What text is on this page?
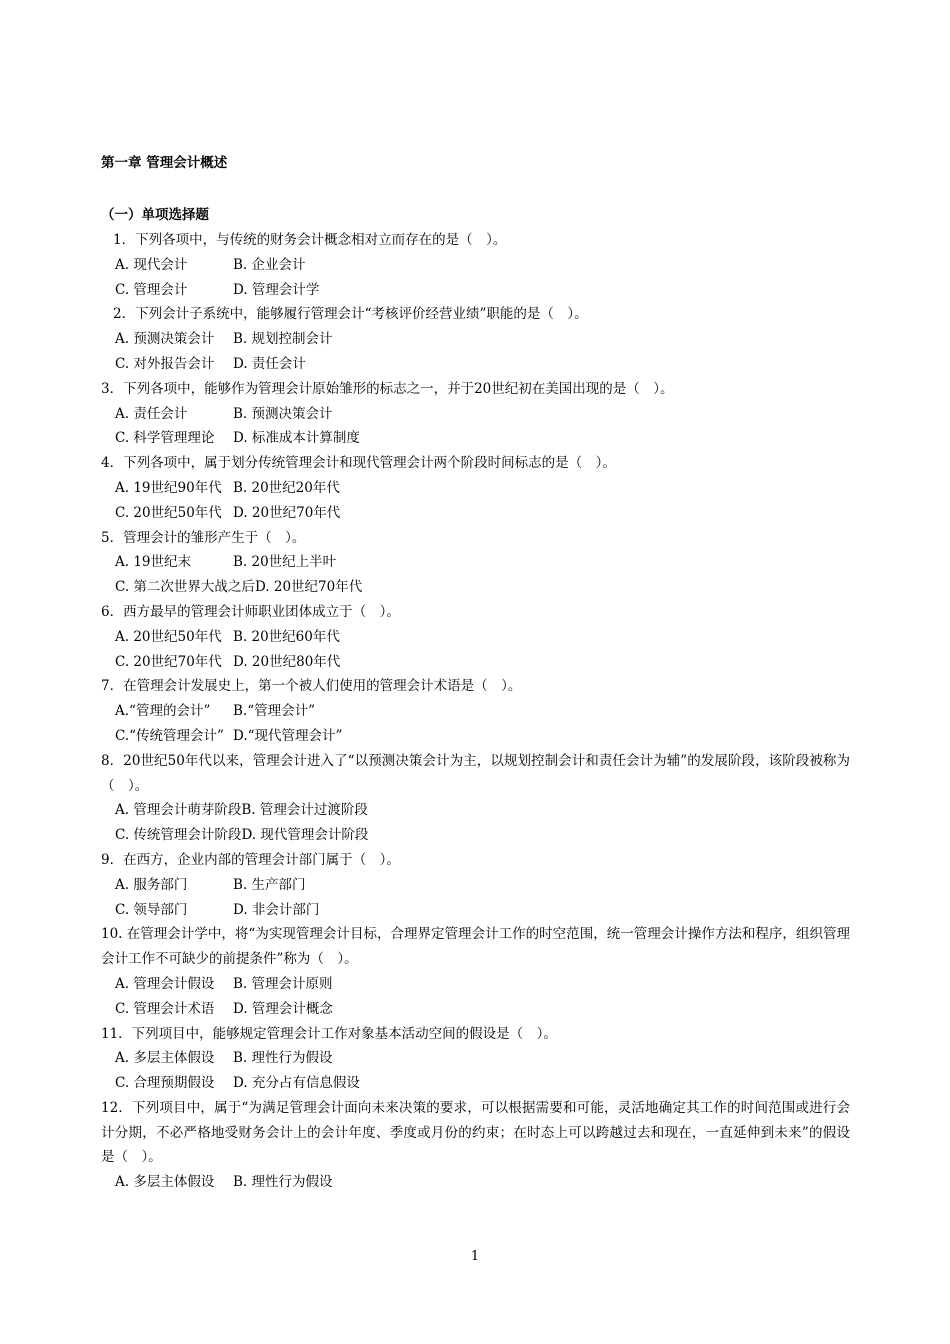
第一章 管理会计概述
（一）单项选择题

1．下列各项中，与传统的财务会计概念相对立而存在的是（　）。

A. 现代会计	B. 企业会计
C. 管理会计	D. 管理会计学

2．下列会计子系统中，能够履行管理会计“考核评价经营业绩”职能的是（　）。

A. 预测决策会计 B. 规划控制会计
C. 对外报告会计 D. 责任会计

3．下列各项中，能够作为管理会计原始雏形的标志之一，并于20世纪初在美国出现的是（　）。

A. 责任会计	B. 预测决策会计
C. 科学管理理论 D. 标准成本计算制度

4．下列各项中，属于划分传统管理会计和现代管理会计两个阶段时间标志的是（　）。

A. 19世纪90年代 B. 20世纪20年代
C. 20世纪50年代 D. 20世纪70年代

5．管理会计的雏形产生于（　）。

A. 19世纪末	B. 20世纪上半叶
C. 第二次世界大战之后D. 20世纪70年代

6．西方最早的管理会计师职业团体成立于（　）。

A. 20世纪50年代 B. 20世纪60年代
C. 20世纪70年代 D. 20世纪80年代

7．在管理会计发展史上，第一个被人们使用的管理会计术语是（　）。

A.“管理的会计” B.“管理会计”
C.“传统管理会计” D.“现代管理会计”

8．20世纪50年代以来，管理会计进入了“以预测决策会计为主，以规划控制会计和责任会计为辅”的发展阶段，该阶段被称为（　）。

A. 管理会计萌芽阶段B. 管理会计过渡阶段
C. 传统管理会计阶段D. 现代管理会计阶段

9．在西方，企业内部的管理会计部门属于（　）。

A. 服务部门	B. 生产部门
C. 领导部门	D. 非会计部门

10. 在管理会计学中，将“为实现管理会计目标，合理界定管理会计工作的时空范围，统一管理会计操作方法和程序，组织管理会计工作不可缺少的前提条件”称为（　）。

A. 管理会计假设 B. 管理会计原则
C. 管理会计术语 D. 管理会计概念

11．下列项目中，能够规定管理会计工作对象基本活动空间的假设是（　）。

A. 多层主体假设 B. 理性行为假设
C. 合理预期假设 D. 充分占有信息假设

12．下列项目中，属于“为满足管理会计面向未来决策的要求，可以根据需要和可能，灵活地确定其工作的时间范围或进行会计分期，不必严格地受财务会计上的会计年度、季度或月份的约束；在时态上可以跨越过去和现在，一直延伸到未来”的假设是（　）。

A. 多层主体假设 B. 理性行为假设
1
